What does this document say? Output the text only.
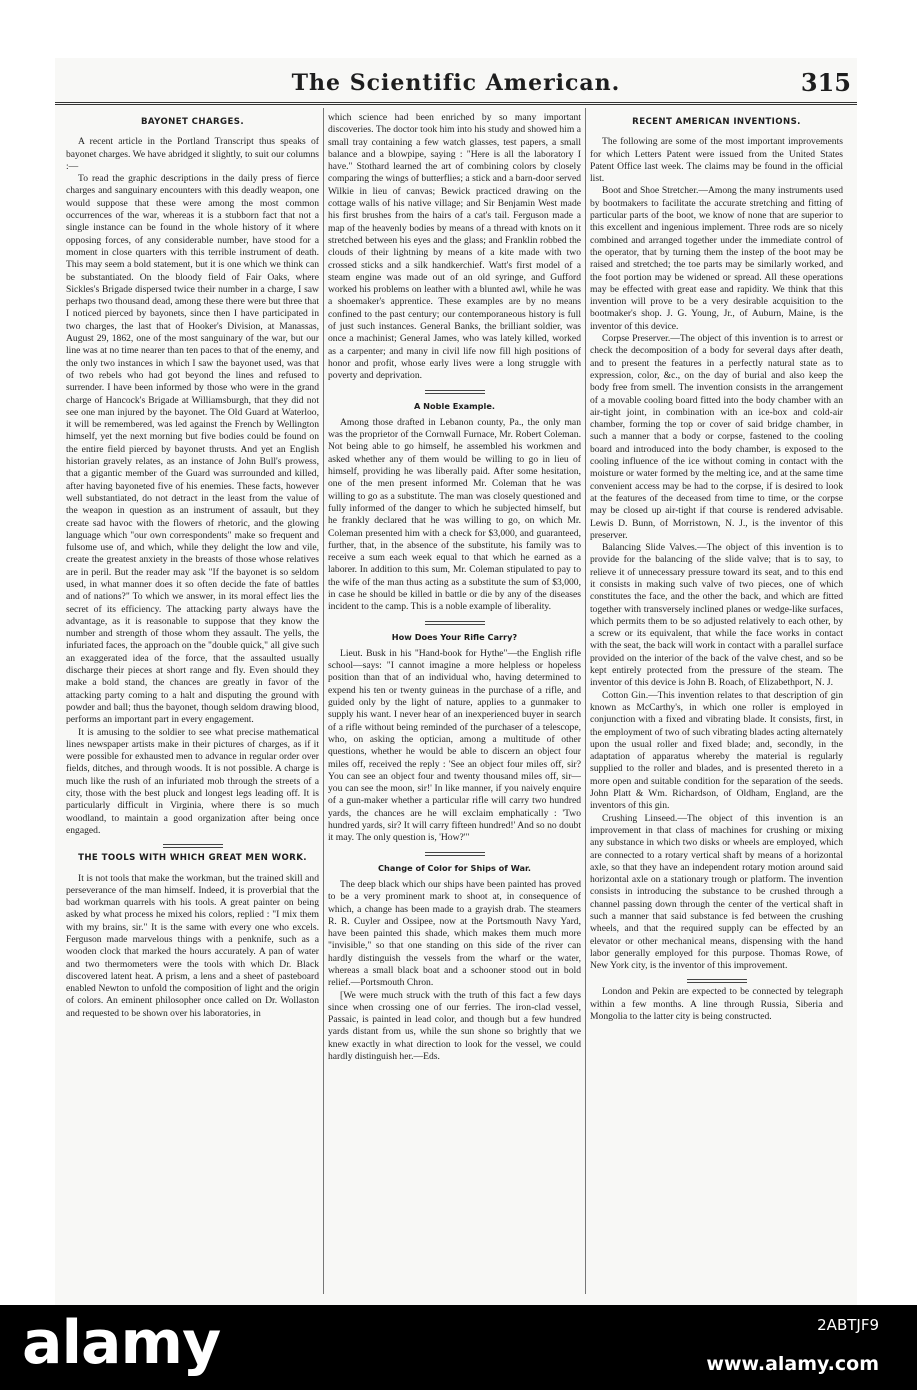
The Scientific American.	315
BAYONET CHARGES.

A recent article in the Portland Transcript thus speaks of bayonet charges. We have abridged it slightly, to suit our columns :—

To read the graphic descriptions in the daily press of fierce charges and sanguinary encounters with this deadly weapon, one would suppose that these were among the most common occurrences of the war, whereas it is a stubborn fact that not a single instance can be found in the whole history of it where opposing forces, of any considerable number, have stood for a moment in close quarters with this terrible instrument of death. This may seem a bold statement, but it is one which we think can be substantiated. On the bloody field of Fair Oaks, where Sickles's Brigade dispersed twice their number in a charge, I saw perhaps two thousand dead, among these there were but three that I noticed pierced by bayonets, since then I have participated in two charges, the last that of Hooker's Division, at Manassas, August 29, 1862, one of the most sanguinary of the war, but our line was at no time nearer than ten paces to that of the enemy, and the only two instances in which I saw the bayonet used, was that of two rebels who had got beyond the lines and refused to surrender. I have been informed by those who were in the grand charge of Hancock's Brigade at Williamsburgh, that they did not see one man injured by the bayonet. The Old Guard at Waterloo, it will be remembered, was led against the French by Wellington himself, yet the next morning but five bodies could be found on the entire field pierced by bayonet thrusts. And yet an English historian gravely relates, as an instance of John Bull's prowess, that a gigantic member of the Guard was surrounded and killed, after having bayoneted five of his enemies. These facts, however well substantiated, do not detract in the least from the value of the weapon in question as an instrument of assault, but they create sad havoc with the flowers of rhetoric, and the glowing language which "our own correspondents" make so frequent and fulsome use of, and which, while they delight the low and vile, create the greatest anxiety in the breasts of those whose relatives are in peril. But the reader may ask "If the bayonet is so seldom used, in what manner does it so often decide the fate of battles and of nations?" To which we answer, in its moral effect lies the secret of its efficiency. The attacking party always have the advantage, as it is reasonable to suppose that they know the number and strength of those whom they assault. The yells, the infuriated faces, the approach on the "double quick," all give such an exaggerated idea of the force, that the assaulted usually discharge their pieces at short range and fly. Even should they make a bold stand, the chances are greatly in favor of the attacking party coming to a halt and disputing the ground with powder and ball; thus the bayonet, though seldom drawing blood, performs an important part in every engagement.

It is amusing to the soldier to see what precise mathematical lines newspaper artists make in their pictures of charges, as if it were possible for exhausted men to advance in regular order over fields, ditches, and through woods. It is not possible. A charge is much like the rush of an infuriated mob through the streets of a city, those with the best pluck and longest legs leading off. It is particularly difficult in Virginia, where there is so much woodland, to maintain a good organization after being once engaged.

THE TOOLS WITH WHICH GREAT MEN WORK.

It is not tools that make the workman, but the trained skill and perseverance of the man himself. Indeed, it is proverbial that the bad workman quarrels with his tools. A great painter on being asked by what process he mixed his colors, replied : "I mix them with my brains, sir." It is the same with every one who excels. Ferguson made marvelous things with a penknife, such as a wooden clock that marked the hours accurately. A pan of water and two thermometers were the tools with which Dr. Black discovered latent heat. A prism, a lens and a sheet of pasteboard enabled Newton to unfold the composition of light and the origin of colors. An eminent philosopher once called on Dr. Wollaston and requested to be shown over his laboratories, in

which science had been enriched by so many important discoveries. The doctor took him into his study and showed him a small tray containing a few watch glasses, test papers, a small balance and a blowpipe, saying : "Here is all the laboratory I have." Stothard learned the art of combining colors by closely comparing the wings of butterflies; a stick and a barn-door served Wilkie in lieu of canvas; Bewick practiced drawing on the cottage walls of his native village; and Sir Benjamin West made his first brushes from the hairs of a cat's tail. Ferguson made a map of the heavenly bodies by means of a thread with knots on it stretched between his eyes and the glass; and Franklin robbed the clouds of their lightning by means of a kite made with two crossed sticks and a silk handkerchief. Watt's first model of a steam engine was made out of an old syringe, and Gufford worked his problems on leather with a blunted awl, while he was a shoemaker's apprentice. These examples are by no means confined to the past century; our contemporaneous history is full of just such instances. General Banks, the brilliant soldier, was once a machinist; General James, who was lately killed, worked as a carpenter; and many in civil life now fill high positions of honor and profit, whose early lives were a long struggle with poverty and deprivation.

A Noble Example.

Among those drafted in Lebanon county, Pa., the only man was the proprietor of the Cornwall Furnace, Mr. Robert Coleman. Not being able to go himself, he assembled his workmen and asked whether any of them would be willing to go in lieu of himself, providing he was liberally paid. After some hesitation, one of the men present informed Mr. Coleman that he was willing to go as a substitute. The man was closely questioned and fully informed of the danger to which he subjected himself, but he frankly declared that he was willing to go, on which Mr. Coleman presented him with a check for $3,000, and guaranteed, further, that, in the absence of the substitute, his family was to receive a sum each week equal to that which he earned as a laborer. In addition to this sum, Mr. Coleman stipulated to pay to the wife of the man thus acting as a substitute the sum of $3,000, in case he should be killed in battle or die by any of the diseases incident to the camp. This is a noble example of liberality.

How Does Your Rifle Carry?

Lieut. Busk in his "Hand-book for Hythe"—the English rifle school—says: "I cannot imagine a more helpless or hopeless position than that of an individual who, having determined to expend his ten or twenty guineas in the purchase of a rifle, and guided only by the light of nature, applies to a gunmaker to supply his want. I never hear of an inexperienced buyer in search of a rifle without being reminded of the purchaser of a telescope, who, on asking the optician, among a multitude of other questions, whether he would be able to discern an object four miles off, received the reply : 'See an object four miles off, sir? You can see an object four and twenty thousand miles off, sir—you can see the moon, sir!' In like manner, if you naively enquire of a gun-maker whether a particular rifle will carry two hundred yards, the chances are he will exclaim emphatically : 'Two hundred yards, sir? It will carry fifteen hundred!' And so no doubt it may. The only question is, 'How?'"

Change of Color for Ships of War.

The deep black which our ships have been painted has proved to be a very prominent mark to shoot at, in consequence of which, a change has been made to a grayish drab. The steamers R. R. Cuyler and Ossipee, now at the Portsmouth Navy Yard, have been painted this shade, which makes them much more "invisible," so that one standing on this side of the river can hardly distinguish the vessels from the wharf or the water, whereas a small black boat and a schooner stood out in bold relief.—Portsmouth Chron.

[We were much struck with the truth of this fact a few days since when crossing one of our ferries. The iron-clad vessel, Passaic, is painted in lead color, and though but a few hundred yards distant from us, while the sun shone so brightly that we knew exactly in what direction to look for the vessel, we could hardly distinguish her.—Eds.

RECENT AMERICAN INVENTIONS.

The following are some of the most important improvements for which Letters Patent were issued from the United States Patent Office last week. The claims may be found in the official list.

Boot and Shoe Stretcher.—Among the many instruments used by bootmakers to facilitate the accurate stretching and fitting of particular parts of the boot, we know of none that are superior to this excellent and ingenious implement. Three rods are so nicely combined and arranged together under the immediate control of the operator, that by turning them the instep of the boot may be raised and stretched; the toe parts may be similarly worked, and the foot portion may be widened or spread. All these operations may be effected with great ease and rapidity. We think that this invention will prove to be a very desirable acquisition to the bootmaker's shop. J. G. Young, Jr., of Auburn, Maine, is the inventor of this device.

Corpse Preserver.—The object of this invention is to arrest or check the decomposition of a body for several days after death, and to present the features in a perfectly natural state as to expression, color, &c., on the day of burial and also keep the body free from smell. The invention consists in the arrangement of a movable cooling board fitted into the body chamber with an air-tight joint, in combination with an ice-box and cold-air chamber, forming the top or cover of said bridge chamber, in such a manner that a body or corpse, fastened to the cooling board and introduced into the body chamber, is exposed to the cooling influence of the ice without coming in contact with the moisture or water formed by the melting ice, and at the same time convenient access may be had to the corpse, if is desired to look at the features of the deceased from time to time, or the corpse may be closed up air-tight if that course is rendered advisable. Lewis D. Bunn, of Morristown, N. J., is the inventor of this preserver.

Balancing Slide Valves.—The object of this invention is to provide for the balancing of the slide valve; that is to say, to relieve it of unnecessary pressure toward its seat, and to this end it consists in making such valve of two pieces, one of which constitutes the face, and the other the back, and which are fitted together with transversely inclined planes or wedge-like surfaces, which permits them to be so adjusted relatively to each other, by a screw or its equivalent, that while the face works in contact with the seat, the back will work in contact with a parallel surface provided on the interior of the back of the valve chest, and so be kept entirely protected from the pressure of the steam. The inventor of this device is John B. Roach, of Elizabethport, N. J.

Cotton Gin.—This invention relates to that description of gin known as McCarthy's, in which one roller is employed in conjunction with a fixed and vibrating blade. It consists, first, in the employment of two of such vibrating blades acting alternately upon the usual roller and fixed blade; and, secondly, in the adaptation of apparatus whereby the material is regularly supplied to the roller and blades, and is presented thereto in a more open and suitable condition for the separation of the seeds. John Platt & Wm. Richardson, of Oldham, England, are the inventors of this gin.

Crushing Linseed.—The object of this invention is an improvement in that class of machines for crushing or mixing any substance in which two disks or wheels are employed, which are connected to a rotary vertical shaft by means of a horizontal axle, so that they have an independent rotary motion around said horizontal axle on a stationary trough or platform. The invention consists in introducing the substance to be crushed through a channel passing down through the center of the vertical shaft in such a manner that said substance is fed between the crushing wheels, and that the required supply can be effected by an elevator or other mechanical means, dispensing with the hand labor generally employed for this purpose. Thomas Rowe, of New York city, is the inventor of this improvement.

London and Pekin are expected to be connected by telegraph within a few months. A line through Russia, Siberia and Mongolia to the latter city is being constructed.

alamy	2ABTJF9
www.alamy.com
